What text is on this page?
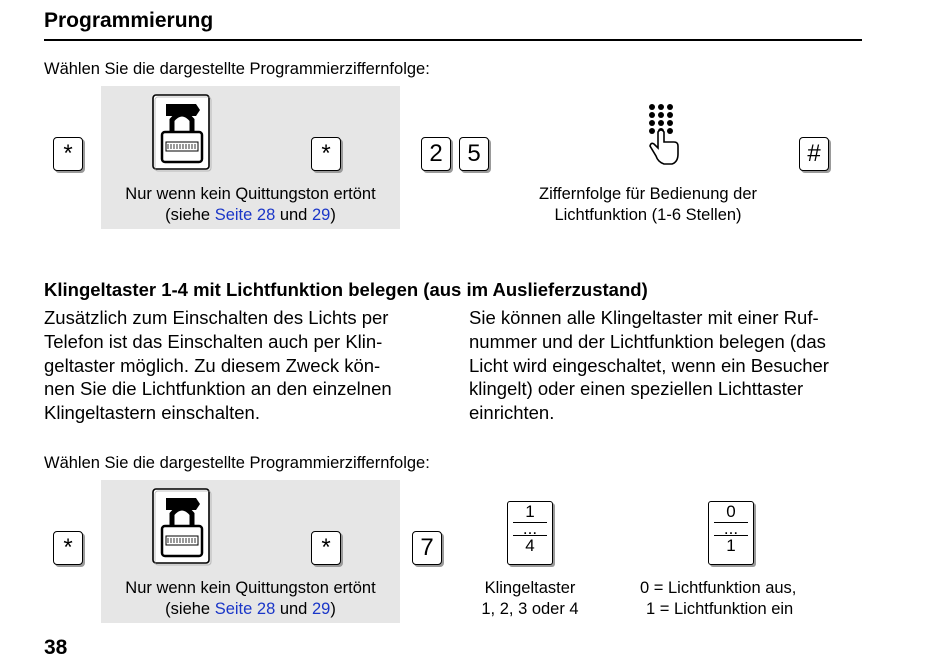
Programmierung
Wählen Sie die dargestellte Programmierziffernfolge:
*	*
Nur wenn kein Quittungston ertönt
(siehe Seite 28 und 29)
2 5
Ziffernfolge für Bedienung der
Lichtfunktion (1-6 Stellen)
#
Klingeltaster 1-4 mit Lichtfunktion belegen (aus im Auslieferzustand)
Zusätzlich zum Einschalten des Lichts per
Telefon ist das Einschalten auch per Klin-
geltaster möglich. Zu diesem Zweck kön-
nen Sie die Lichtfunktion an den einzelnen
Klingeltastern einschalten.
Sie können alle Klingeltaster mit einer Ruf-
nummer und der Lichtfunktion belegen (das
Licht wird eingeschaltet, wenn ein Besucher
klingelt) oder einen speziellen Lichttaster
einrichten.
Wählen Sie die dargestellte Programmierziffernfolge:
*	*
Nur wenn kein Quittungston ertönt
(siehe Seite 28 und 29)
7
1
...
4
0
...
1
Klingeltaster
1, 2, 3 oder 4
0 = Lichtfunktion aus,
1 = Lichtfunktion ein
38
